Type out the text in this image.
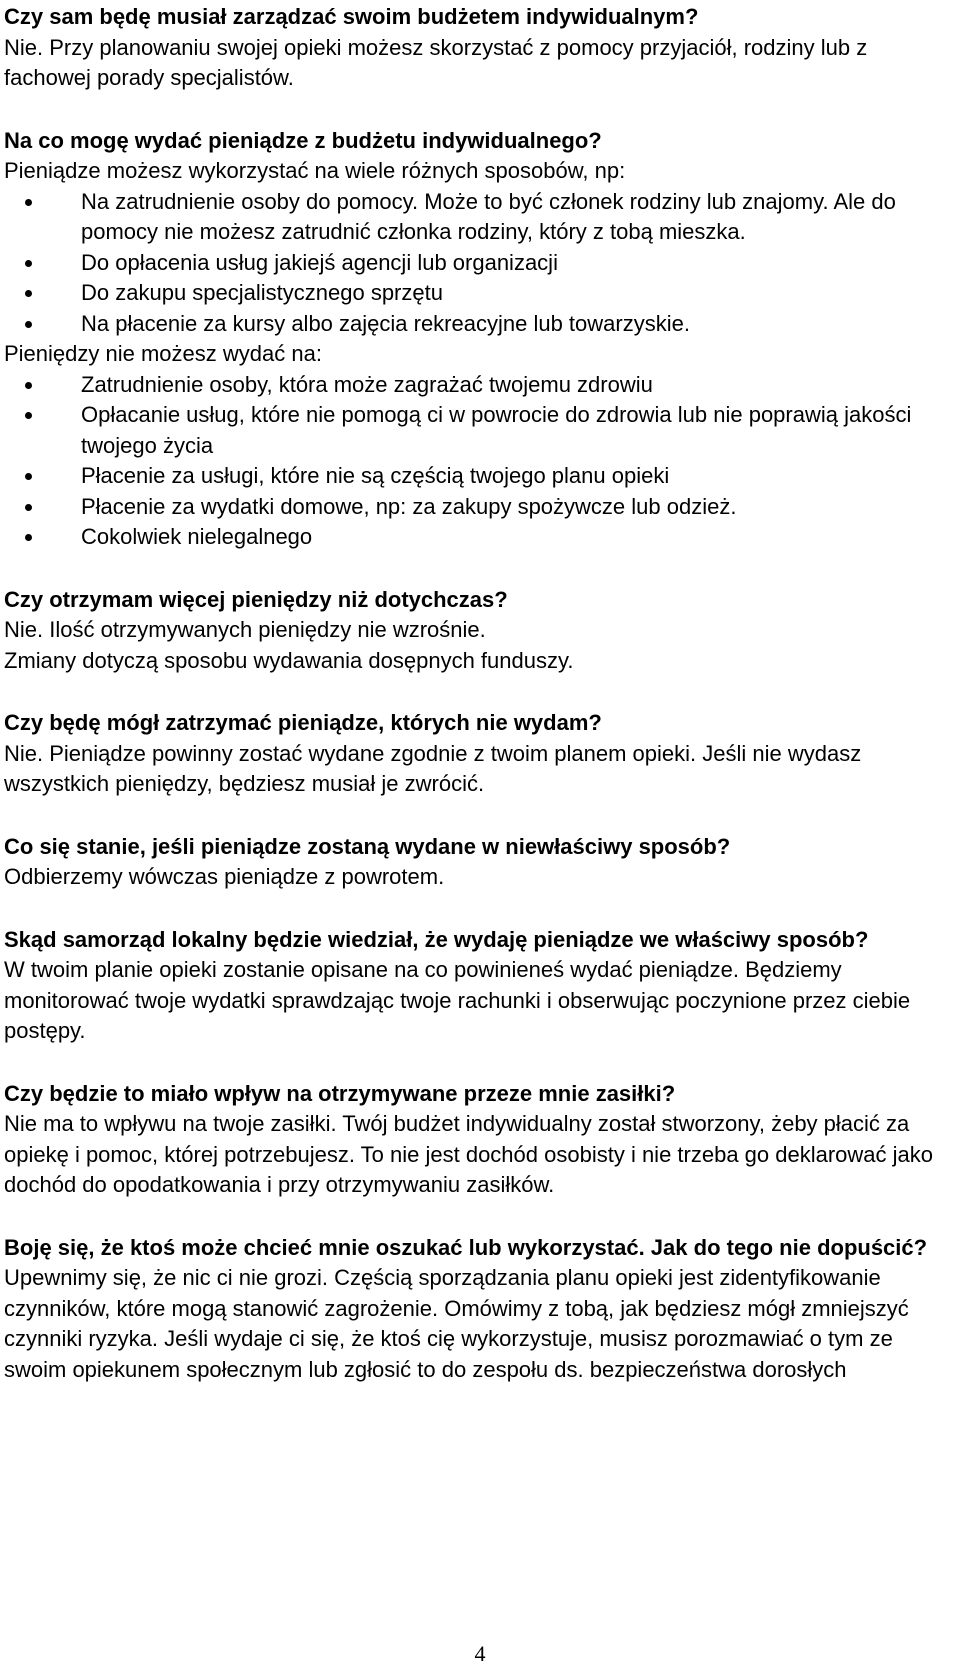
Czy sam będę musiał zarządzać swoim budżetem indywidualnym?
Nie. Przy planowaniu swojej opieki możesz skorzystać z pomocy przyjaciół, rodziny lub z fachowej porady specjalistów.
Na co mogę wydać pieniądze z budżetu indywidualnego?
Pieniądze możesz wykorzystać na wiele różnych sposobów, np:
Na zatrudnienie osoby do pomocy. Może to być członek rodziny lub znajomy. Ale do pomocy nie możesz zatrudnić członka rodziny, który z tobą mieszka.
Do opłacenia usług jakiejś agencji lub organizacji
Do zakupu specjalistycznego sprzętu
Na płacenie za kursy albo zajęcia rekreacyjne lub towarzyskie.
Pieniędzy nie możesz wydać na:
Zatrudnienie osoby, która może zagrażać twojemu zdrowiu
Opłacanie usług, które nie pomogą ci w powrocie do zdrowia lub nie poprawią jakości twojego życia
Płacenie za usługi, które nie są częścią twojego planu opieki
Płacenie za wydatki domowe, np: za zakupy spożywcze lub odzież.
Cokolwiek nielegalnego
Czy otrzymam więcej pieniędzy niż dotychczas?
Nie. Ilość otrzymywanych pieniędzy nie wzrośnie.
Zmiany dotyczą sposobu wydawania dosępnych funduszy.
Czy będę mógł zatrzymać pieniądze, których nie wydam?
Nie. Pieniądze powinny zostać wydane zgodnie z twoim planem opieki. Jeśli nie wydasz wszystkich pieniędzy, będziesz musiał je zwrócić.
Co się stanie, jeśli pieniądze zostaną wydane w niewłaściwy sposób?
Odbierzemy wówczas pieniądze z powrotem.
Skąd samorząd lokalny będzie wiedział, że wydaję pieniądze we właściwy sposób?
W twoim planie opieki zostanie opisane na co powinieneś wydać pieniądze. Będziemy monitorować twoje wydatki sprawdzając twoje rachunki i obserwując poczynione przez ciebie postępy.
Czy będzie to miało wpływ na otrzymywane przeze mnie zasiłki?
Nie ma to wpływu na twoje zasiłki. Twój budżet indywidualny został stworzony, żeby płacić za opiekę i pomoc, której potrzebujesz. To nie jest dochód osobisty i nie trzeba go deklarować jako dochód do opodatkowania i przy otrzymywaniu zasiłków.
Boję się, że ktoś może chcieć mnie oszukać lub wykorzystać. Jak do tego nie dopuścić?
Upewnimy się, że nic ci nie grozi. Częścią sporządzania planu opieki jest zidentyfikowanie czynników, które mogą stanowić zagrożenie. Omówimy z tobą, jak będziesz mógł zmniejszyć czynniki ryzyka. Jeśli wydaje ci się, że ktoś cię wykorzystuje, musisz porozmawiać o tym ze swoim opiekunem społecznym lub zgłosić to do zespołu ds. bezpieczeństwa dorosłych
4
